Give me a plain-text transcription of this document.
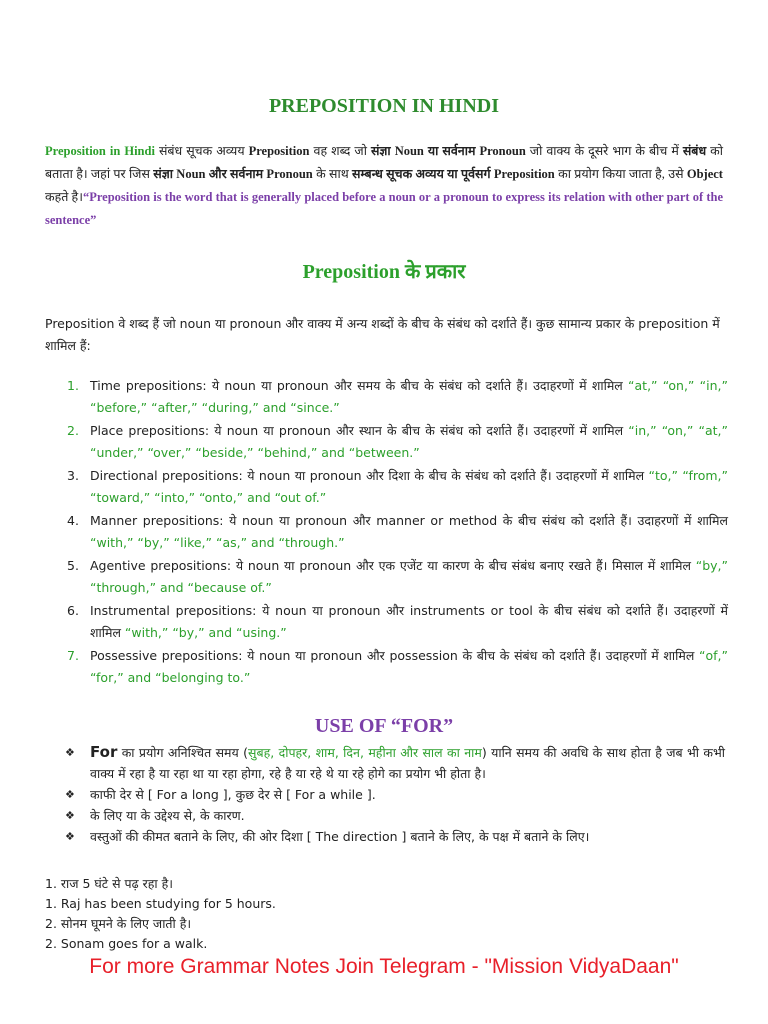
PREPOSITION IN HINDI
Preposition in Hindi संबंध सूचक अव्यय Preposition वह शब्द जो संज्ञा Noun या सर्वनाम Pronoun जो वाक्य के दूसरे भाग के बीच में संबंध को बताता है। जहां पर जिस संज्ञा Noun और सर्वनाम Pronoun के साथ सम्बन्ध सूचक अव्यय या पूर्वसर्ग Preposition का प्रयोग किया जाता है, उसे Object कहते है।“Preposition is the word that is generally placed before a noun or a pronoun to express its relation with other part of the sentence”
Preposition के प्रकार
Preposition वे शब्द हैं जो noun या pronoun और वाक्य में अन्य शब्दों के बीच के संबंध को दर्शाते हैं। कुछ सामान्य प्रकार के preposition में शामिल हैं:
1. Time prepositions: ये noun या pronoun और समय के बीच के संबंध को दर्शाते हैं। उदाहरणों में शामिल “at,” “on,” “in,” “before,” “after,” “during,” and “since.”
2. Place prepositions: ये noun या pronoun और स्थान के बीच के संबंध को दर्शाते हैं। उदाहरणों में शामिल “in,” “on,” “at,” “under,” “over,” “beside,” “behind,” and “between.”
3. Directional prepositions: ये noun या pronoun और दिशा के बीच के संबंध को दर्शाते हैं। उदाहरणों में शामिल “to,” “from,” “toward,” “into,” “onto,” and “out of.”
4. Manner prepositions: ये noun या pronoun और manner or method के बीच संबंध को दर्शाते हैं। उदाहरणों में शामिल “with,” “by,” “like,” “as,” and “through.”
5. Agentive prepositions: ये noun या pronoun और एक एजेंट या कारण के बीच संबंध बनाए रखते हैं। मिसाल में शामिल “by,” “through,” and “because of.”
6. Instrumental prepositions: ये noun या pronoun और instruments or tool के बीच संबंध को दर्शाते हैं। उदाहरणों में शामिल “with,” “by,” and “using.”
7. Possessive prepositions: ये noun या pronoun और possession के बीच के संबंध को दर्शाते हैं। उदाहरणों में शामिल “of,” “for,” and “belonging to.”
USE OF “FOR”
❖ For का प्रयोग अनिश्चित समय (सुबह, दोपहर, शाम, दिन, महीना और साल का नाम) यानि समय की अवधि के साथ होता है जब भी कभी वाक्य में रहा है या रहा था या रहा होगा, रहे है या रहे थे या रहे होगे का प्रयोग भी होता है।
❖ काफी देर से [ For a long ], कुछ देर से [ For a while ].
❖ के लिए या के उद्देश्य से, के कारण.
❖ वस्तुओं की कीमत बताने के लिए, की ओर दिशा [ The direction ] बताने के लिए, के पक्ष में बताने के लिए।
1. राज 5 घंटे से पढ़ रहा है।
1. Raj has been studying for 5 hours.
2. सोनम घूमने के लिए जाती है।
2. Sonam goes for a walk.
For more Grammar Notes Join Telegram - "Mission VidyaDaan"
